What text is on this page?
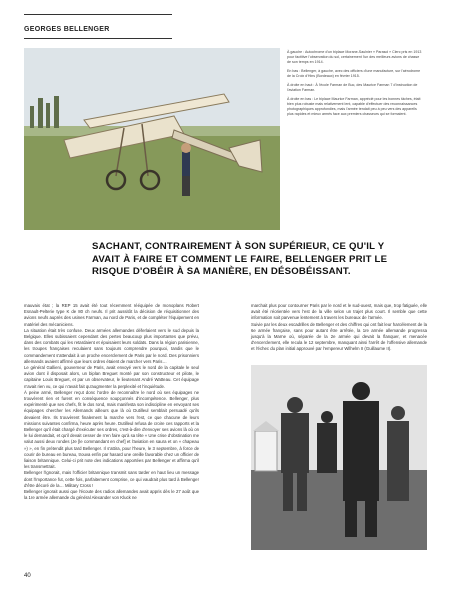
GEORGES BELLENGER

À gauche : Autochrome d'un biplace Morane-Saulnier « Parasol » Clerc pris en 1913 pour factitive l'observation du sol, certainement l'un des meilleurs avions de chasse de son temps en 1914.

En bas : Bellenger, à gauche, avec des officiers d'une manufacture, sur l'aérodrome de la Croix d'Hins (Bordeaux) en février 1915.

À droite en haut : À l'école Farman de Buc, des Maurice Farman 7 d'instruction de l'aviation Farman.

À droite en bas : Le biplace Maurice Farman, apprécié pour les bonnes tâches, était bien plus robuste mais relativement lent, capable d'effectuer des reconnaissances photographiques approfondies, mais l'armée tendait peu à peu vers des appareils plus rapides et mieux armés face aux premiers chasseurs qui se formaient.

SACHANT, CONTRAIREMENT À SON SUPÉRIEUR, CE QU'IL Y AVAIT À FAIRE ET COMMENT LE FAIRE, BELLENGER PRIT LE RISQUE D'OBÉIR À SA MANIÈRE, EN DÉSOBÉISSANT.

mauvais état ; la REP 15 avait été tout récemment rééquipée de monoplans Robert Esnault-Pelterie type K de 80 ch neufs. Il prit aussitôt la décision de réquisitionner des avions neufs auprès des usines Farman, au nord de Paris, et de compléter l'équipement en matériel des mécaniciens.

La situation était très confuse. Deux armées allemandes déferlaient vers le sud depuis la Belgique. Elles subissaient cependant des pertes beaucoup plus importantes que prévu, dans des combats qui les retardaient et épuisaient leurs soldats. Dans la région parisienne, les troupes françaises reculaient sans toujours comprendre pourquoi, tandis que le commandement s'attendait à un proche encerclement de Paris par le nord. Des prisonniers allemands avaient affirmé que leurs ordres étaient de marcher vers Paris…

Le général Gallieni, gouverneur de Paris, avait envoyé vers le nord de la capitale le seul avion dont il disposait alors, un biplan Breguet monté par son constructeur et pilote, le capitaine Louis Breguet, et par un observateur, le lieutenant André Watteau. Cet équipage n'avait rien vu, ce qui n'avait fait qu'augmenter la perplexité et l'inquiétude.

À peine armé, Bellenger reçut donc l'ordre de reconnaître le nord où ses équipages ne trouvèrent rien et furent en conséquence soupçonnés d'incompétence. Bellenger, plus expérimenté que ses chefs, fit le dos rond, mais manifesta son indiscipline en envoyant ses équipages chercher les Allemands ailleurs que là où Dutilleul semblait persuadé qu'ils devaient être. Ils trouvèrent finalement la marche vers l'est, ce que chacune de leurs missions suivantes confirma, heure après heure. Dutilleul refusa de croire ces rapports et la Bellenger qu'il était chargé d'exécuter ses ordres, c'est-à-dire d'envoyer ses avions là où on le lui demandait, et qu'il devait cesser de n'en faire qu'à sa tête « Une crise d'obstination me valut aussi deux rondes (Je [le commandant en chef] et l'aviation en saura et on « chapeau ») », en fin prétendit plus tard Bellenger. Il s'attira, pour l'heure, le 3 septembre, à force de courir de bureau en bureau, trouva enfin par hasard une oreille favorable chez un officier de liaison britannique. Celui-ci prit note des indications apportées par Bellenger et affirma qu'il les transmettrait.

Bellenger l'ignorait, mais l'officier britannique transmit sans tarder en haut lieu un message dont l'importance fut, cette fois, parfaitement comprise, ce qui vaudrait plus tard à Bellenger d'être décoré de la… Military Cross !

Bellenger ignorait aussi que l'écoute des radios allemandes avait appris dès le 27 août que la 1re armée allemande du général Alexander von Kluck ne

marchait plus pour contourner Paris par le nord et le sud-ouest, mais que, trop fatiguée, elle avait été réorientée vers l'est de la ville selon un trajet plus court. Il semble que cette information soit parvenue lentement à travers les bureaux de l'armée.

Suivie par les deux escadrilles de Bellenger et des chiffres qui ont fait leur harcèlement de la 6e armée française, sans pour autant être arrêtée, la 1re armée allemande progressa jusqu'à la Marne où, séparée de la 2e armée qui devait la flanquer, et menacée d'encerclement, elle recula le 12 septembre, manquant ainsi l'arrêt de l'offensive allemande et l'échec du plan initial approuvé par l'empereur Wilhelm II (Guillaume II).

40
